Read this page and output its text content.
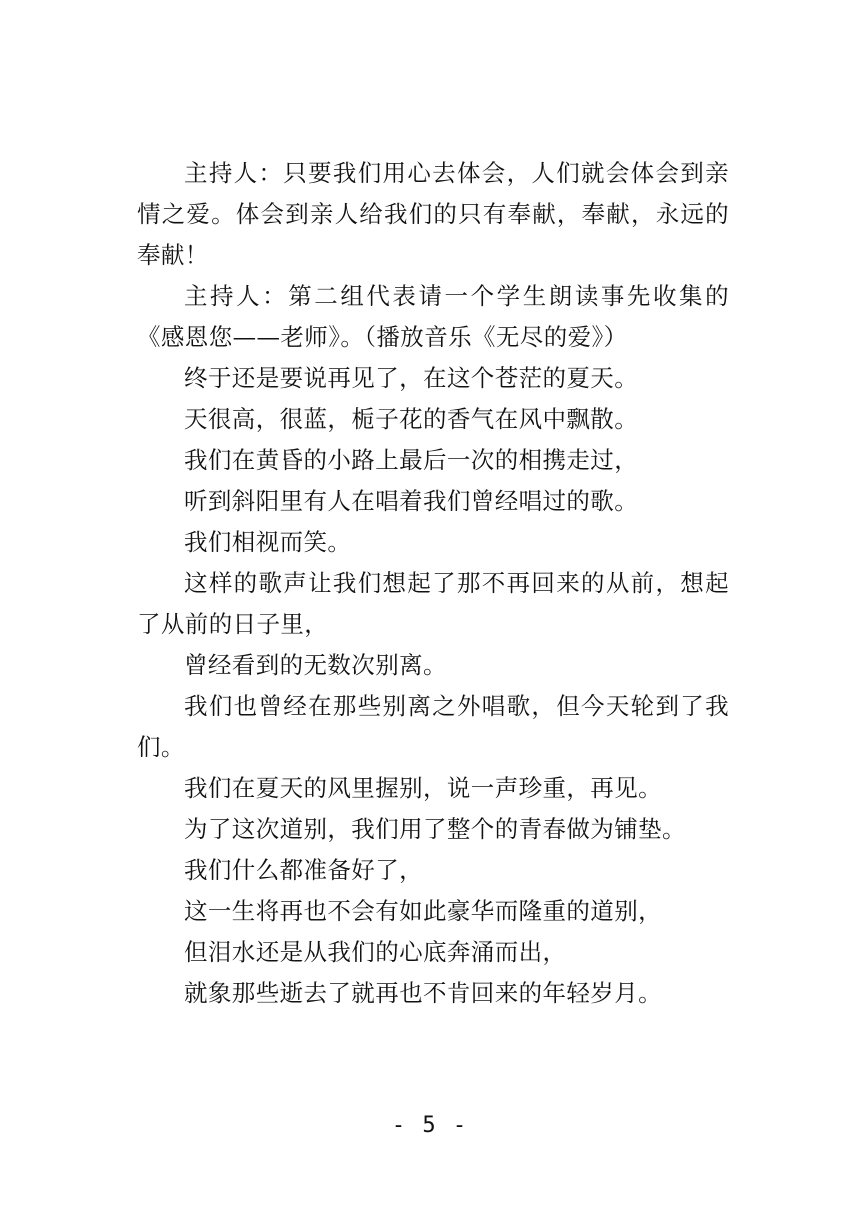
主持人：只要我们用心去体会，人们就会体会到亲情之爱。体会到亲人给我们的只有奉献，奉献，永远的奉献！

主持人：第二组代表请一个学生朗读事先收集的《感恩您——老师》。（播放音乐《无尽的爱》）

终于还是要说再见了，在这个苍茫的夏天。

天很高，很蓝，栀子花的香气在风中飘散。

我们在黄昏的小路上最后一次的相携走过，

听到斜阳里有人在唱着我们曾经唱过的歌。

我们相视而笑。

这样的歌声让我们想起了那不再回来的从前，想起了从前的日子里，

曾经看到的无数次别离。

我们也曾经在那些别离之外唱歌，但今天轮到了我们。

我们在夏天的风里握别，说一声珍重，再见。

为了这次道别，我们用了整个的青春做为铺垫。

我们什么都准备好了，

这一生将再也不会有如此豪华而隆重的道别，

但泪水还是从我们的心底奔涌而出，

就象那些逝去了就再也不肯回来的年轻岁月。

- 5 -
